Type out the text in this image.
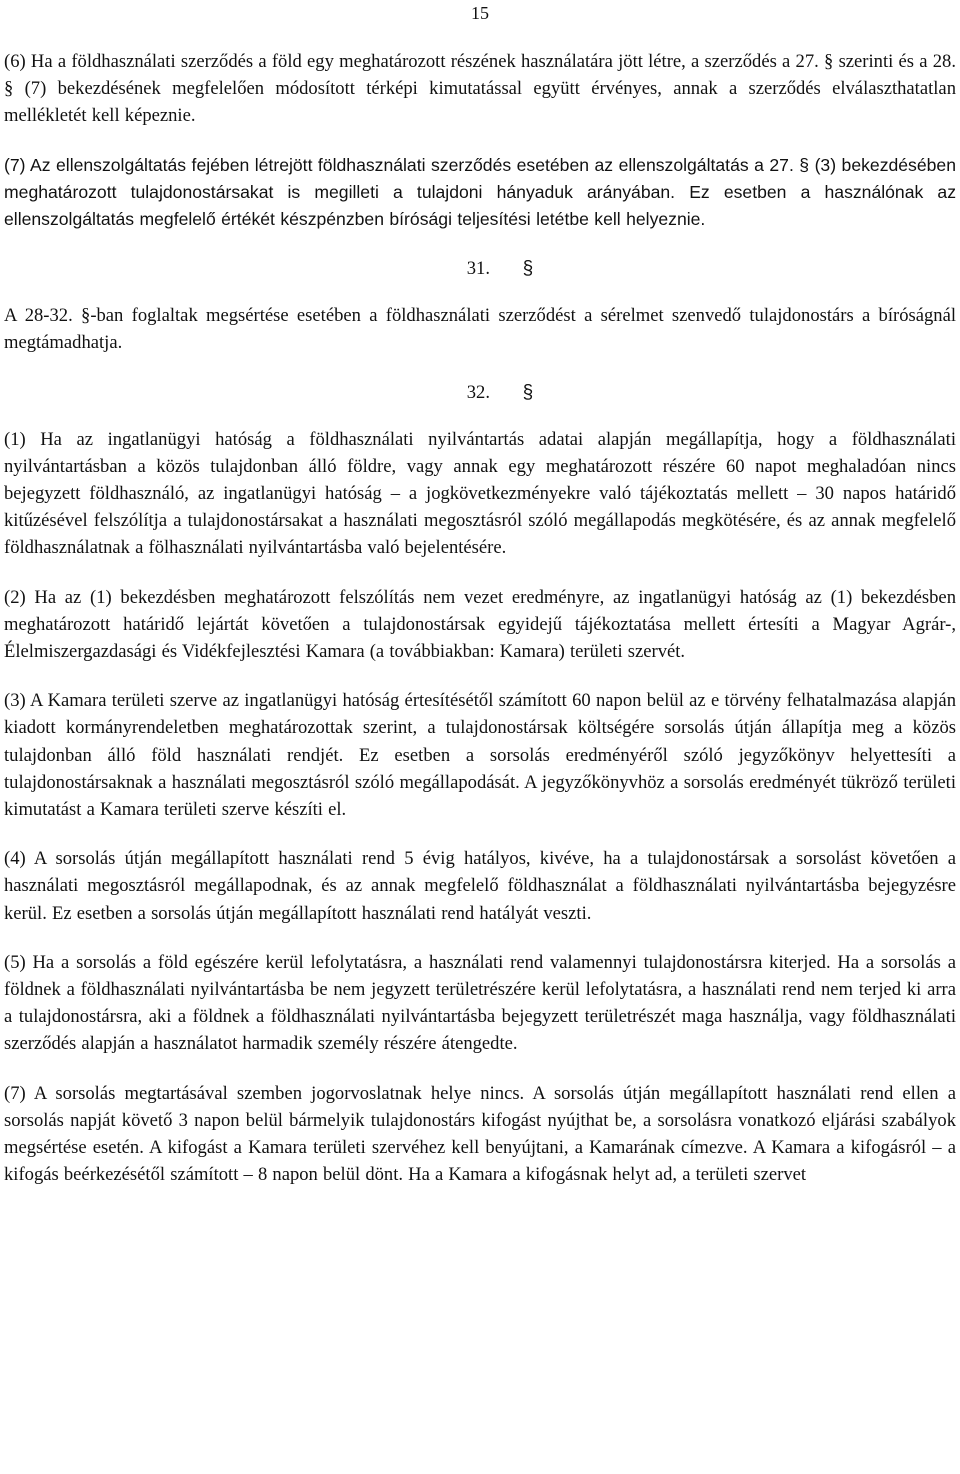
15

(6) Ha a földhasználati szerződés a föld egy meghatározott részének használatára jött létre, a szerződés a 27. § szerinti és a 28. § (7) bekezdésének megfelelően módosított térképi kimutatással együtt érvényes, annak a szerződés elválaszthatatlan mellékletét kell képeznie.

(7) Az ellenszolgáltatás fejében létrejött földhasználati szerződés esetében az ellenszolgáltatás a 27. § (3) bekezdésében meghatározott tulajdonostársakat is megilleti a tulajdoni hányaduk arányában. Ez esetben a használónak az ellenszolgáltatás megfelelő értékét készpénzben bírósági teljesítési letétbe kell helyeznie.

31. §

A 28-32. §-ban foglaltak megsértése esetében a földhasználati szerződést a sérelmet szenvedő tulajdonostárs a bíróságnál megtámadhatja.

32. §

(1) Ha az ingatlanügyi hatóság a földhasználati nyilvántartás adatai alapján megállapítja, hogy a földhasználati nyilvántartásban a közös tulajdonban álló földre, vagy annak egy meghatározott részére 60 napot meghaladóan nincs bejegyzett földhasználó, az ingatlanügyi hatóság – a jogkövetkezményekre való tájékoztatás mellett – 30 napos határidő kitűzésével felszólítja a tulajdonostársakat a használati megosztásról szóló megállapodás megkötésére, és az annak megfelelő földhasználatnak a fölhasználati nyilvántartásba való bejelentésére.

(2) Ha az (1) bekezdésben meghatározott felszólítás nem vezet eredményre, az ingatlanügyi hatóság az (1) bekezdésben meghatározott határidő lejártát követően a tulajdonostársak egyidejű tájékoztatása mellett értesíti a Magyar Agrár-, Élelmiszergazdasági és Vidékfejlesztési Kamara (a továbbiakban: Kamara) területi szervét.

(3) A Kamara területi szerve az ingatlanügyi hatóság értesítésétől számított 60 napon belül az e törvény felhatalmazása alapján kiadott kormányrendeletben meghatározottak szerint, a tulajdonostársak költségére sorsolás útján állapítja meg a közös tulajdonban álló föld használati rendjét. Ez esetben a sorsolás eredményéről szóló jegyzőkönyv helyettesíti a tulajdonostársaknak a használati megosztásról szóló megállapodását. A jegyzőkönyvhöz a sorsolás eredményét tükröző területi kimutatást a Kamara területi szerve készíti el.

(4) A sorsolás útján megállapított használati rend 5 évig hatályos, kivéve, ha a tulajdonostársak a sorsolást követően a használati megosztásról megállapodnak, és az annak megfelelő földhasználat a földhasználati nyilvántartásba bejegyzésre kerül. Ez esetben a sorsolás útján megállapított használati rend hatályát veszti.

(5) Ha a sorsolás a föld egészére kerül lefolytatásra, a használati rend valamennyi tulajdonostársra kiterjed. Ha a sorsolás a földnek a földhasználati nyilvántartásba be nem jegyzett területrészére kerül lefolytatásra, a használati rend nem terjed ki arra a tulajdonostársra, aki a földnek a földhasználati nyilvántartásba bejegyzett területrészét maga használja, vagy földhasználati szerződés alapján a használatot harmadik személy részére átengedte.

(7) A sorsolás megtartásával szemben jogorvoslatnak helye nincs. A sorsolás útján megállapított használati rend ellen a sorsolás napját követő 3 napon belül bármelyik tulajdonostárs kifogást nyújthat be, a sorsolásra vonatkozó eljárási szabályok megsértése esetén. A kifogást a Kamara területi szervéhez kell benyújtani, a Kamarának címezve. A Kamara a kifogásról – a kifogás beérkezésétől számított – 8 napon belül dönt. Ha a Kamara a kifogásnak helyt ad, a területi szervet
